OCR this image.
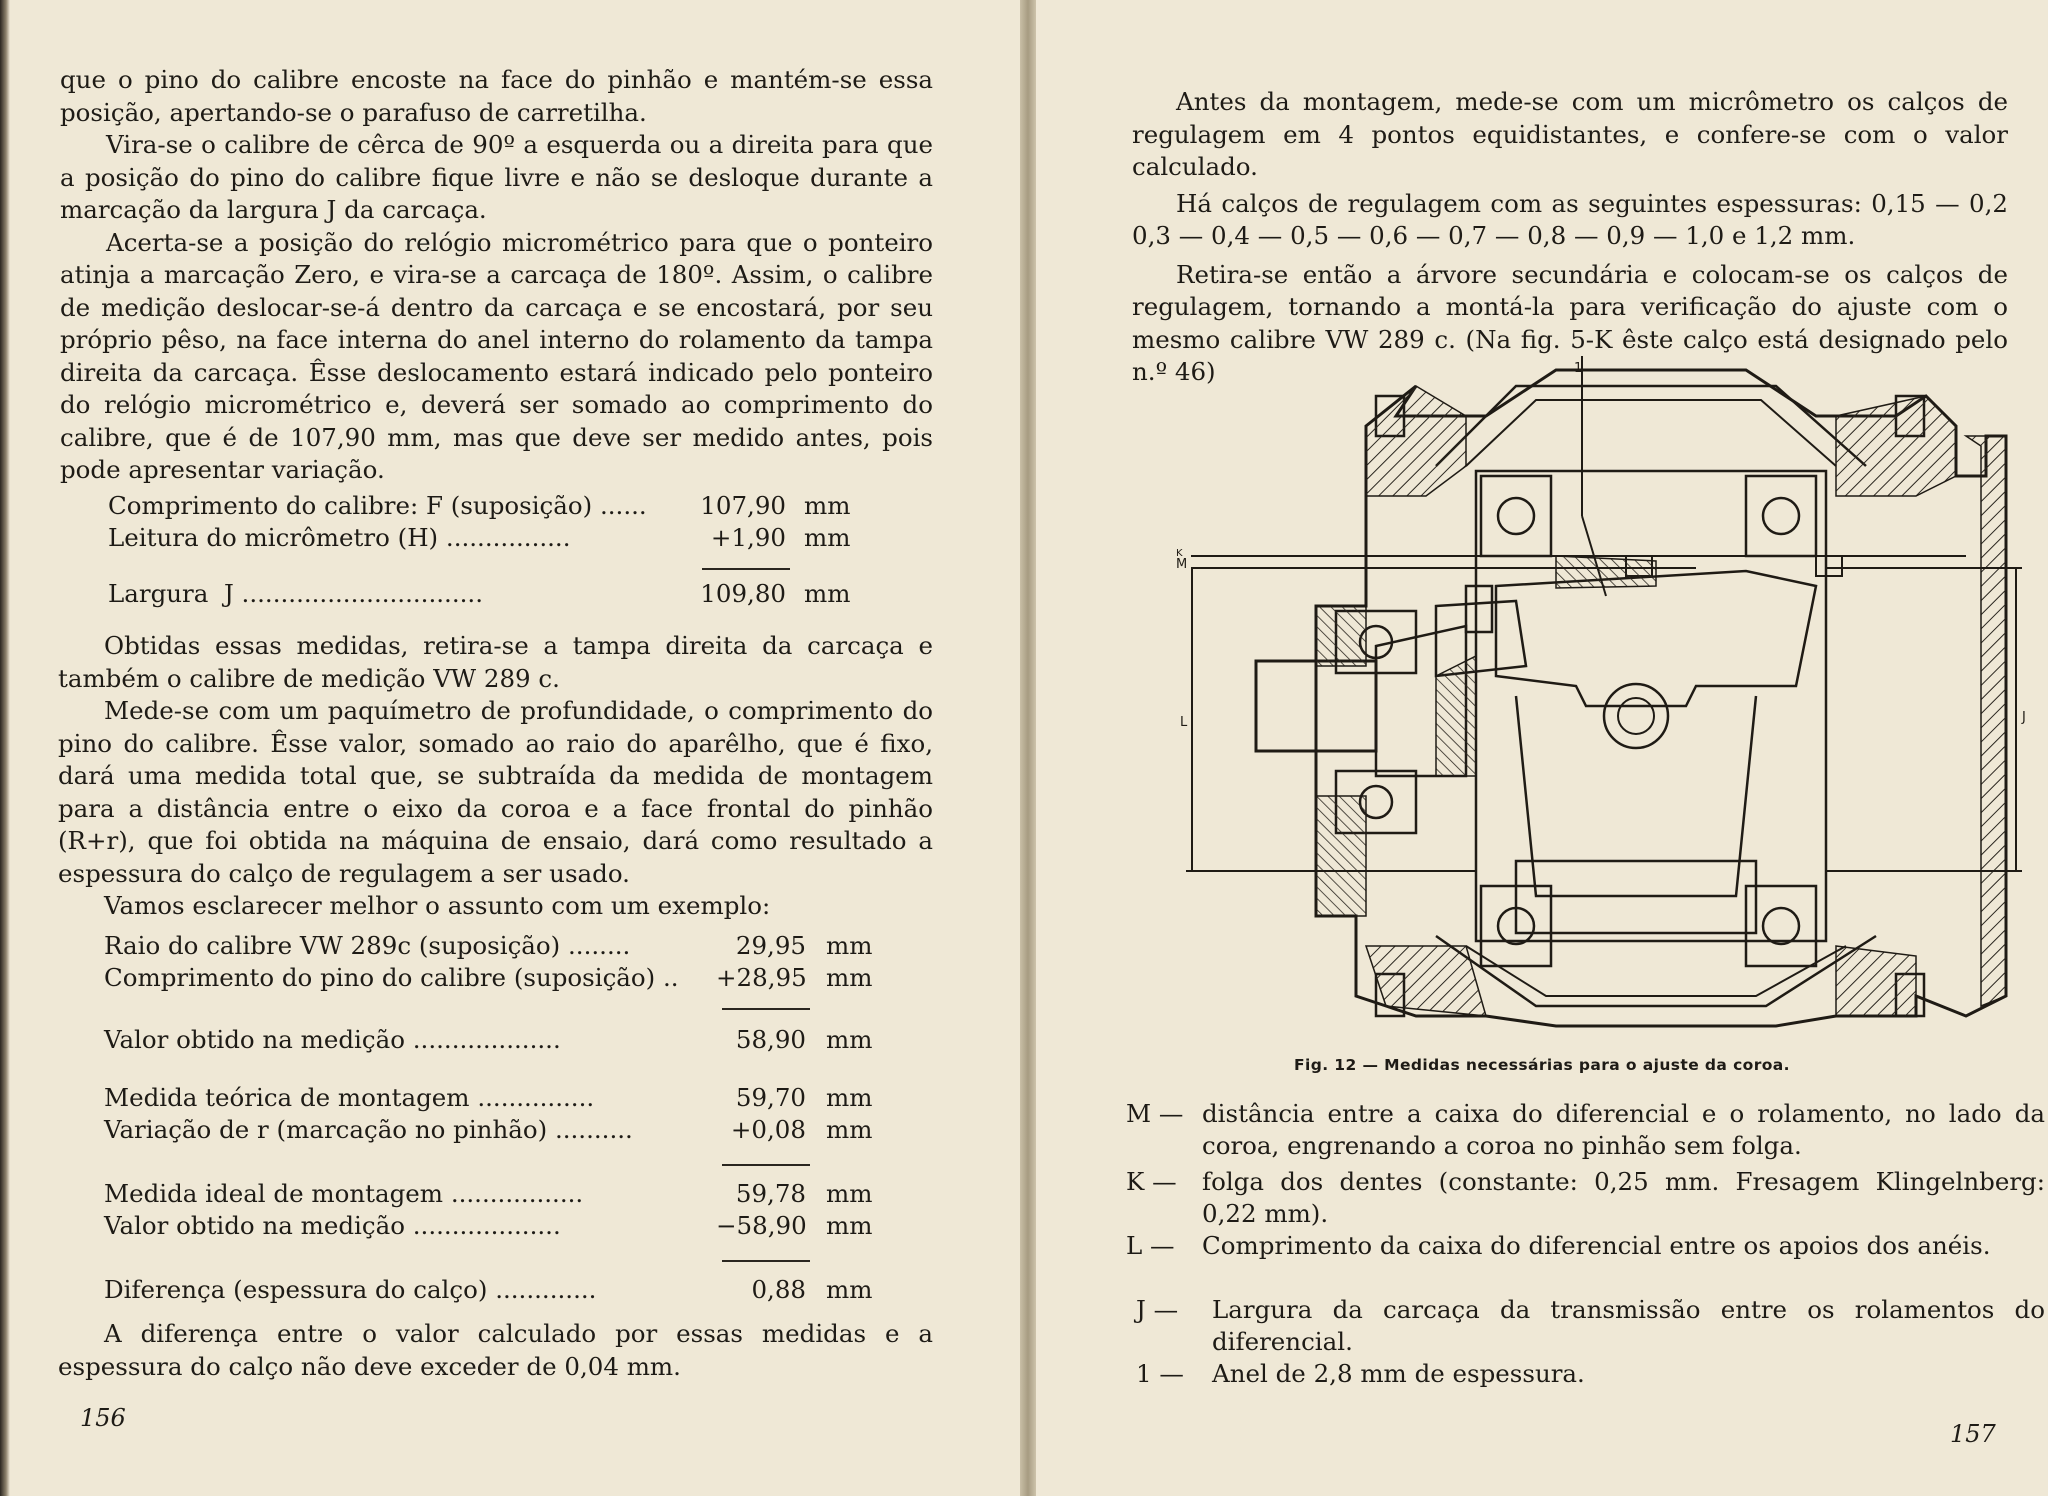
que o pino do calibre encoste na face do pinhão e mantém-se essa posição, apertando-se o parafuso de carretilha.

Vira-se o calibre de cêrca de 90º a esquerda ou a direita para que a posição do pino do calibre fique livre e não se desloque durante a marcação da largura J da carcaça.

Acerta-se a posição do relógio micrométrico para que o ponteiro atinja a marcação Zero, e vira-se a carcaça de 180º. Assim, o calibre de medição deslocar-se-á dentro da carcaça e se encostará, por seu próprio pêso, na face interna do anel interno do rolamento da tampa direita da carcaça. Êsse deslocamento estará indicado pelo ponteiro do relógio micrométrico e, deverá ser somado ao comprimento do calibre, que é de 107,90 mm, mas que deve ser medido antes, pois pode apresentar variação.

Comprimento do calibre: F (suposição) ......	107,90 mm
Leitura do micrômetro (H) ................	+1,90 mm
Largura  J ...............................	109,80 mm

Obtidas essas medidas, retira-se a tampa direita da carcaça e também o calibre de medição VW 289 c.

Mede-se com um paquímetro de profundidade, o comprimento do pino do calibre. Êsse valor, somado ao raio do aparêlho, que é fixo, dará uma medida total que, se subtraída da medida de montagem para a distância entre o eixo da coroa e a face frontal do pinhão (R+r), que foi obtida na máquina de ensaio, dará como resultado a espessura do calço de regulagem a ser usado.

Vamos esclarecer melhor o assunto com um exemplo:

Raio do calibre VW 289c (suposição) ........	29,95 mm
Comprimento do pino do calibre (suposição) .. +28,95 mm
Valor obtido na medição ...................	58,90 mm
Medida teórica de montagem ...............	59,70 mm
Variação de r (marcação no pinhão) ..........	+0,08 mm
Medida ideal de montagem .................	59,78 mm
Valor obtido na medição ...................	−58,90 mm
Diferença (espessura do calço) .............	0,88 mm

A diferença entre o valor calculado por essas medidas e a espessura do calço não deve exceder de 0,04 mm.

156

Antes da montagem, mede-se com um micrômetro os calços de regulagem em 4 pontos equidistantes, e confere-se com o valor calculado.

Há calços de regulagem com as seguintes espessuras: 0,15 — 0,2 0,3 — 0,4 — 0,5 — 0,6 — 0,7 — 0,8 — 0,9 — 1,0 e 1,2 mm.

Retira-se então a árvore secundária e colocam-se os calços de regulagem, tornando a montá-la para verificação do ajuste com o mesmo calibre VW 289 c. (Na fig. 5-K êste calço está designado pelo n.º 46)	1
M
K
L	J
Fig. 12 — Medidas necessárias para o ajuste da coroa.
M — distância entre a caixa do diferencial e o rolamento, no lado da coroa, engrenando a coroa no pinhão sem folga.
K — folga dos dentes (constante: 0,25 mm. Fresagem Klingelnberg: 0,22 mm).
L — Comprimento da caixa do diferencial entre os apoios dos anéis.
J — Largura da carcaça da transmissão entre os rolamentos do diferencial.
1 — Anel de 2,8 mm de espessura.
157
